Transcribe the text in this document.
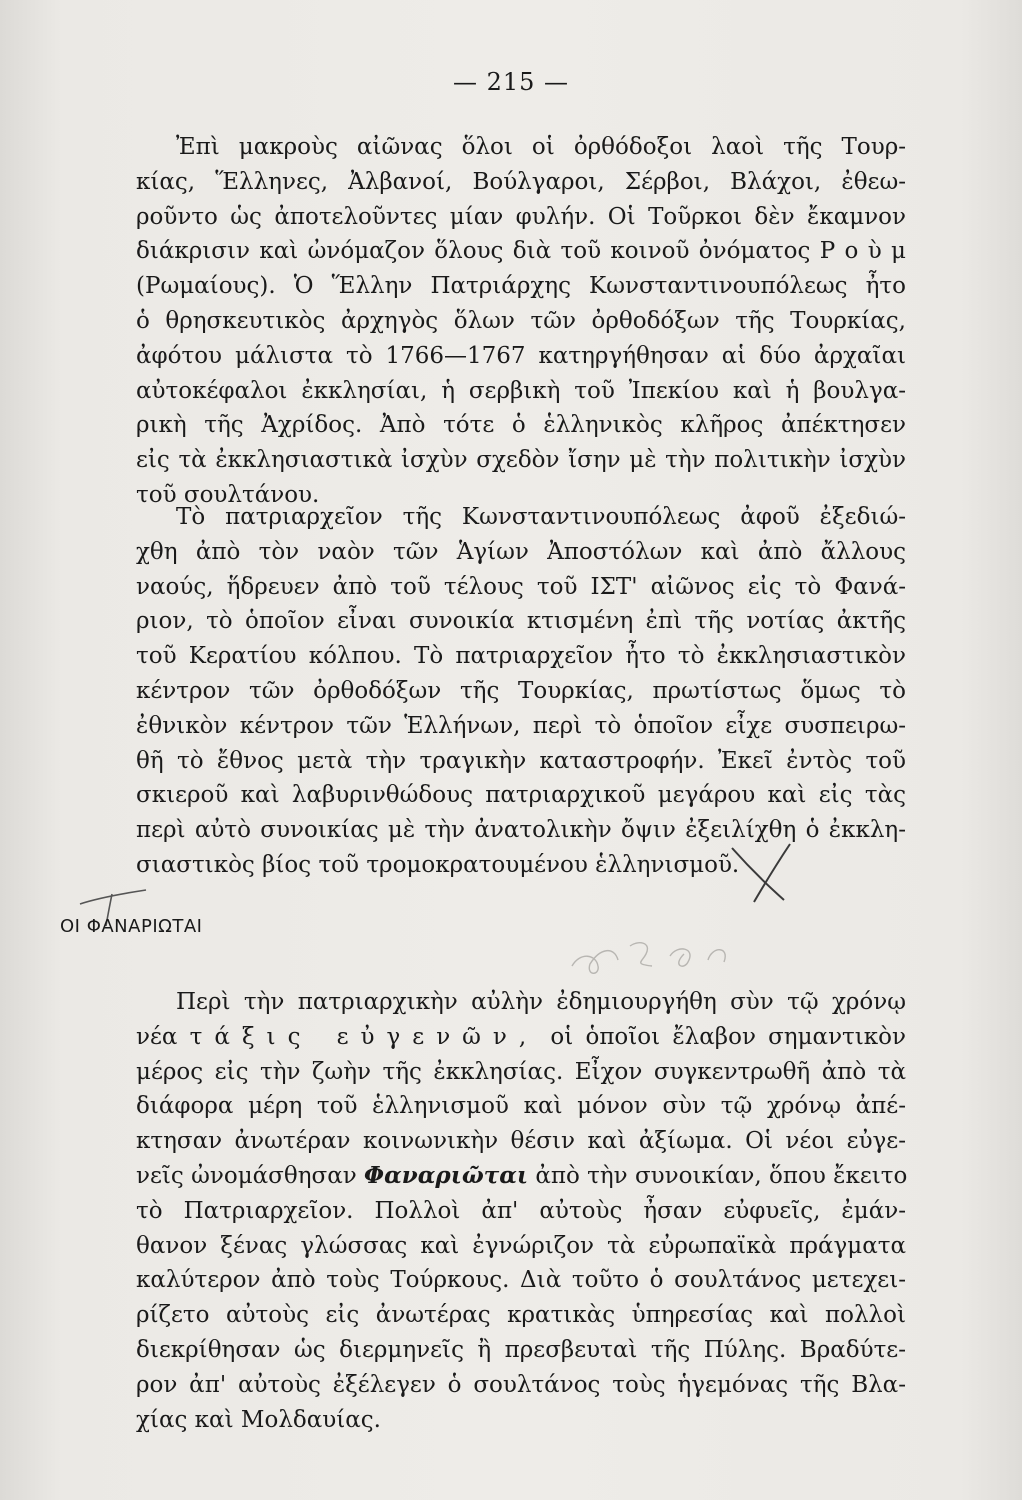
— 215 —
Ἐπὶ μακροὺς αἰῶνας ὅλοι οἱ ὀρθόδοξοι λαοὶ τῆς Τουρ-
κίας, Ἕλληνες, Ἀλβανοί, Βούλγαροι, Σέρβοι, Βλάχοι, ἐθεω-
ροῦντο ὡς ἀποτελοῦντες μίαν φυλήν. Οἱ Τοῦρκοι δὲν ἔκαμνον
διάκρισιν καὶ ὠνόμαζον ὅλους διὰ τοῦ κοινοῦ ὀνόματος Ρ ο ὺ μ
(Ρωμαίους). Ὁ Ἕλλην Πατριάρχης Κωνσταντινουπόλεως ἦτο
ὁ θρησκευτικὸς ἀρχηγὸς ὅλων τῶν ὀρθοδόξων τῆς Τουρκίας,
ἀφότου μάλιστα τὸ 1766—1767 κατηργήθησαν αἱ δύο ἀρχαῖαι
αὐτοκέφαλοι ἐκκλησίαι, ἡ σερβικὴ τοῦ Ἰπεκίου καὶ ἡ βουλγα-
ρικὴ τῆς Ἀχρίδος. Ἀπὸ τότε ὁ ἑλληνικὸς κλῆρος ἀπέκτησεν
εἰς τὰ ἐκκλησιαστικὰ ἰσχὺν σχεδὸν ἴσην μὲ τὴν πολιτικὴν ἰσχὺν
τοῦ σουλτάνου.
Τὸ πατριαρχεῖον τῆς Κωνσταντινουπόλεως ἀφοῦ ἐξεδιώ-
χθη ἀπὸ τὸν ναὸν τῶν Ἁγίων Ἀποστόλων καὶ ἀπὸ ἄλλους
ναούς, ἥδρευεν ἀπὸ τοῦ τέλους τοῦ ΙΣΤ' αἰῶνος εἰς τὸ Φανά-
ριον, τὸ ὁποῖον εἶναι συνοικία κτισμένη ἐπὶ τῆς νοτίας ἀκτῆς
τοῦ Κερατίου κόλπου. Τὸ πατριαρχεῖον ἦτο τὸ ἐκκλησιαστικὸν
κέντρον τῶν ὀρθοδόξων τῆς Τουρκίας, πρωτίστως ὅμως τὸ
ἐθνικὸν κέντρον τῶν Ἑλλήνων, περὶ τὸ ὁποῖον εἶχε συσπειρω-
θῆ τὸ ἔθνος μετὰ τὴν τραγικὴν καταστροφήν. Ἐκεῖ ἐντὸς τοῦ
σκιεροῦ καὶ λαβυρινθώδους πατριαρχικοῦ μεγάρου καὶ εἰς τὰς
περὶ αὐτὸ συνοικίας μὲ τὴν ἀνατολικὴν ὄψιν ἐξειλίχθη ὁ ἐκκλη-
σιαστικὸς βίος τοῦ τρομοκρατουμένου ἑλληνισμοῦ.
ΟΙ ΦΑΝΑΡΙΩΤΑΙ
Περὶ τὴν πατριαρχικὴν αὐλὴν ἐδημιουργήθη σὺν τῷ χρόνῳ
νέα τάξις εὐγενῶν, οἱ ὁποῖοι ἔλαβον σημαντικὸν
μέρος εἰς τὴν ζωὴν τῆς ἐκκλησίας. Εἶχον συγκεντρωθῆ ἀπὸ τὰ
διάφορα μέρη τοῦ ἑλληνισμοῦ καὶ μόνον σὺν τῷ χρόνῳ ἀπέ-
κτησαν ἀνωτέραν κοινωνικὴν θέσιν καὶ ἀξίωμα. Οἱ νέοι εὐγε-
νεῖς ὠνομάσθησαν Φαναριῶται ἀπὸ τὴν συνοικίαν, ὅπου ἔκειτο
τὸ Πατριαρχεῖον. Πολλοὶ ἀπ' αὐτοὺς ἦσαν εὐφυεῖς, ἐμάν-
θανον ξένας γλώσσας καὶ ἐγνώριζον τὰ εὐρωπαϊκὰ πράγματα
καλύτερον ἀπὸ τοὺς Τούρκους. Διὰ τοῦτο ὁ σουλτάνος μετεχει-
ρίζετο αὐτοὺς εἰς ἀνωτέρας κρατικὰς ὑπηρεσίας καὶ πολλοὶ
διεκρίθησαν ὡς διερμηνεῖς ἢ πρεσβευταὶ τῆς Πύλης. Βραδύτε-
ρον ἀπ' αὐτοὺς ἐξέλεγεν ὁ σουλτάνος τοὺς ἡγεμόνας τῆς Βλα-
χίας καὶ Μολδαυίας.
